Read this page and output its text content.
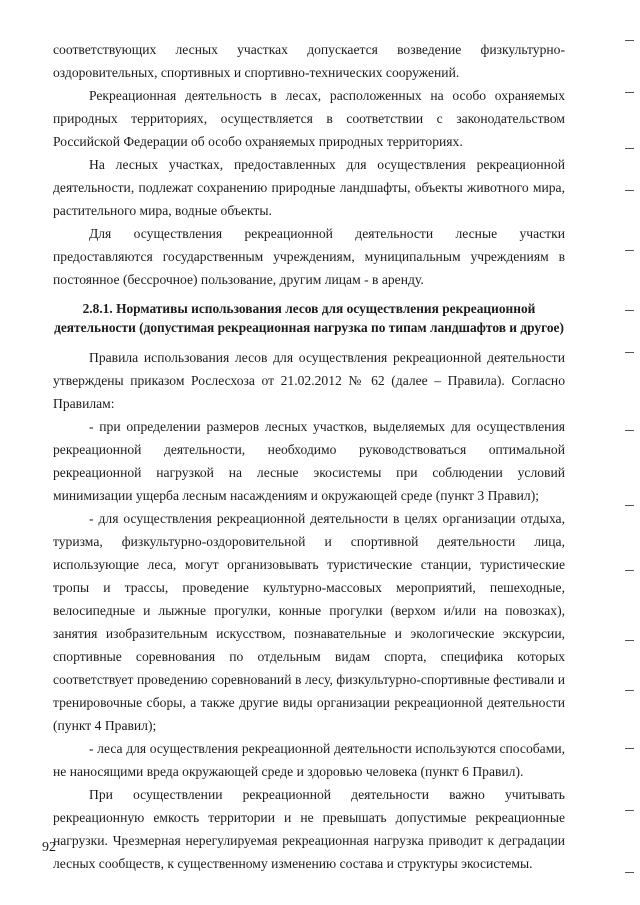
соответствующих лесных участках допускается возведение физкультурно-оздоровительных, спортивных и спортивно-технических сооружений.

Рекреационная деятельность в лесах, расположенных на особо охраняемых природных территориях, осуществляется в соответствии с законодательством Российской Федерации об особо охраняемых природных территориях.

На лесных участках, предоставленных для осуществления рекреационной деятельности, подлежат сохранению природные ландшафты, объекты животного мира, растительного мира, водные объекты.

Для осуществления рекреационной деятельности лесные участки предоставляются государственным учреждениям, муниципальным учреждениям в постоянное (бессрочное) пользование, другим лицам - в аренду.

2.8.1. Нормативы использования лесов для осуществления рекреационной деятельности (допустимая рекреационная нагрузка по типам ландшафтов и другое)

Правила использования лесов для осуществления рекреационной деятельности утверждены приказом Рослесхоза от 21.02.2012 № 62 (далее – Правила). Согласно Правилам:

- при определении размеров лесных участков, выделяемых для осуществления рекреационной деятельности, необходимо руководствоваться оптимальной рекреационной нагрузкой на лесные экосистемы при соблюдении условий минимизации ущерба лесным насаждениям и окружающей среде (пункт 3 Правил);

- для осуществления рекреационной деятельности в целях организации отдыха, туризма, физкультурно-оздоровительной и спортивной деятельности лица, использующие леса, могут организовывать туристические станции, туристические тропы и трассы, проведение культурно-массовых мероприятий, пешеходные, велосипедные и лыжные прогулки, конные прогулки (верхом и/или на повозках), занятия изобразительным искусством, познавательные и экологические экскурсии, спортивные соревнования по отдельным видам спорта, специфика которых соответствует проведению соревнований в лесу, физкультурно-спортивные фестивали и тренировочные сборы, а также другие виды организации рекреационной деятельности (пункт 4 Правил);

- леса для осуществления рекреационной деятельности используются способами, не наносящими вреда окружающей среде и здоровью человека (пункт 6 Правил).

При осуществлении рекреационной деятельности важно учитывать рекреационную емкость территории и не превышать допустимые рекреационные нагрузки. Чрезмерная нерегулируемая рекреационная нагрузка приводит к деградации лесных сообществ, к существенному изменению состава и структуры экосистемы.

92
